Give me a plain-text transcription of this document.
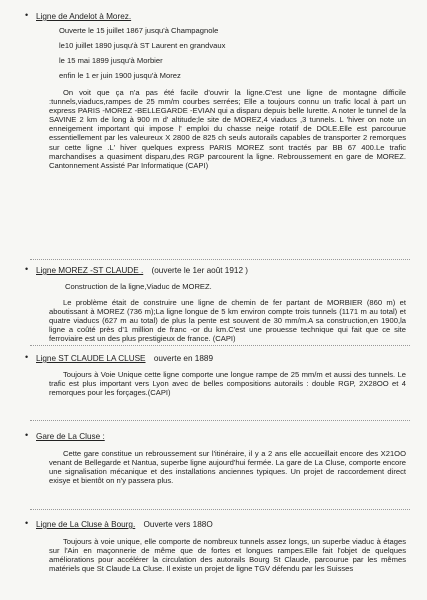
• Ligne de Andelot à Morez.
Ouverte le 15 juillet 1867 jusqu'à Champagnole
le10 juillet 1890 jusqu'à ST Laurent en grandvaux
le 15 mai 1899 jusqu'à Morbier
enfin le 1 er juin 1900 jusqu'à Morez
On voit que ça n'a pas été facile d'ouvrir la ligne.C'est une ligne de montagne difficile :tunnels,viaducs,rampes de 25 mm/m courbes serrées; Elle a toujours connu un trafic local à part un express PARIS -MOREZ -BELLEGARDE -EVIAN qui a disparu depuis belle lurette. A noter le tunnel de la SAVINE 2 km de long à 900 m d' altitude;le site de MOREZ,4 viaducs ,3 tunnels. L 'hiver on note un enneigement important qui impose l' emploi du chasse neige rotatif de DOLE.Elle est parcourue essentiellement par les valeureux X 2800 de 825 ch seuls autorails capables de transporter 2 remorques sur cette ligne .L' hiver quelques express PARIS MOREZ sont tractés par BB 67 400.Le trafic marchandises a quasiment disparu,des RGP parcourent la ligne. Rebroussement en gare de MOREZ. Cantonnement Assisté Par Informatique (CAPI)
• Ligne MOREZ -ST CLAUDE . (ouverte le 1er août 1912 )
Construction de la ligne,Viaduc de MOREZ.
Le problème était de construire une ligne de chemin de fer partant de MORBIER (860 m) et aboutissant à MOREZ (736 m);La ligne longue de 5 km environ compte trois tunnels (1171 m au total) et quatre viaducs (627 m au total) de plus la pente est souvent de 30 mm/m.A sa construction,en 1900,la ligne a coûté près d'1 million de franc -or du km.C'est une prouesse technique qui fait que ce site ferroviaire est un des plus prestigieux de france. (CAPI)
• Ligne ST CLAUDE LA CLUSE ouverte en 1889
Toujours à Voie Unique cette ligne comporte une longue rampe de 25 mm/m et aussi des tunnels. Le trafic est plus important vers Lyon avec de belles compositions autorails : double RGP, 2X28OO et 4 remorques pour les forçages.(CAPI)
• Gare de La Cluse :
Cette gare constitue un rebroussement sur l'itinéraire, il y a 2 ans elle accueillait encore des X21OO venant de Bellegarde et Nantua, superbe ligne aujourd'hui fermée. La gare de La Cluse, comporte encore une signalisation mécanique et des installations anciennes typiques. Un projet de raccordement direct exisye et bientôt on n'y passera plus.
• Ligne de La Cluse à Bourg. Ouverte vers 188O
Toujours à voie unique, elle comporte de nombreux tunnels assez longs, un superbe viaduc à étages sur l'Ain en maçonnerie de même que de fortes et longues rampes.Elle fait l'objet de quelques améliorations pour accélérer la circulation des autorails Bourg St Claude, parcourue par les mêmes matériels que St Claude La Cluse. Il existe un projet de ligne TGV défendu par les Suisses
